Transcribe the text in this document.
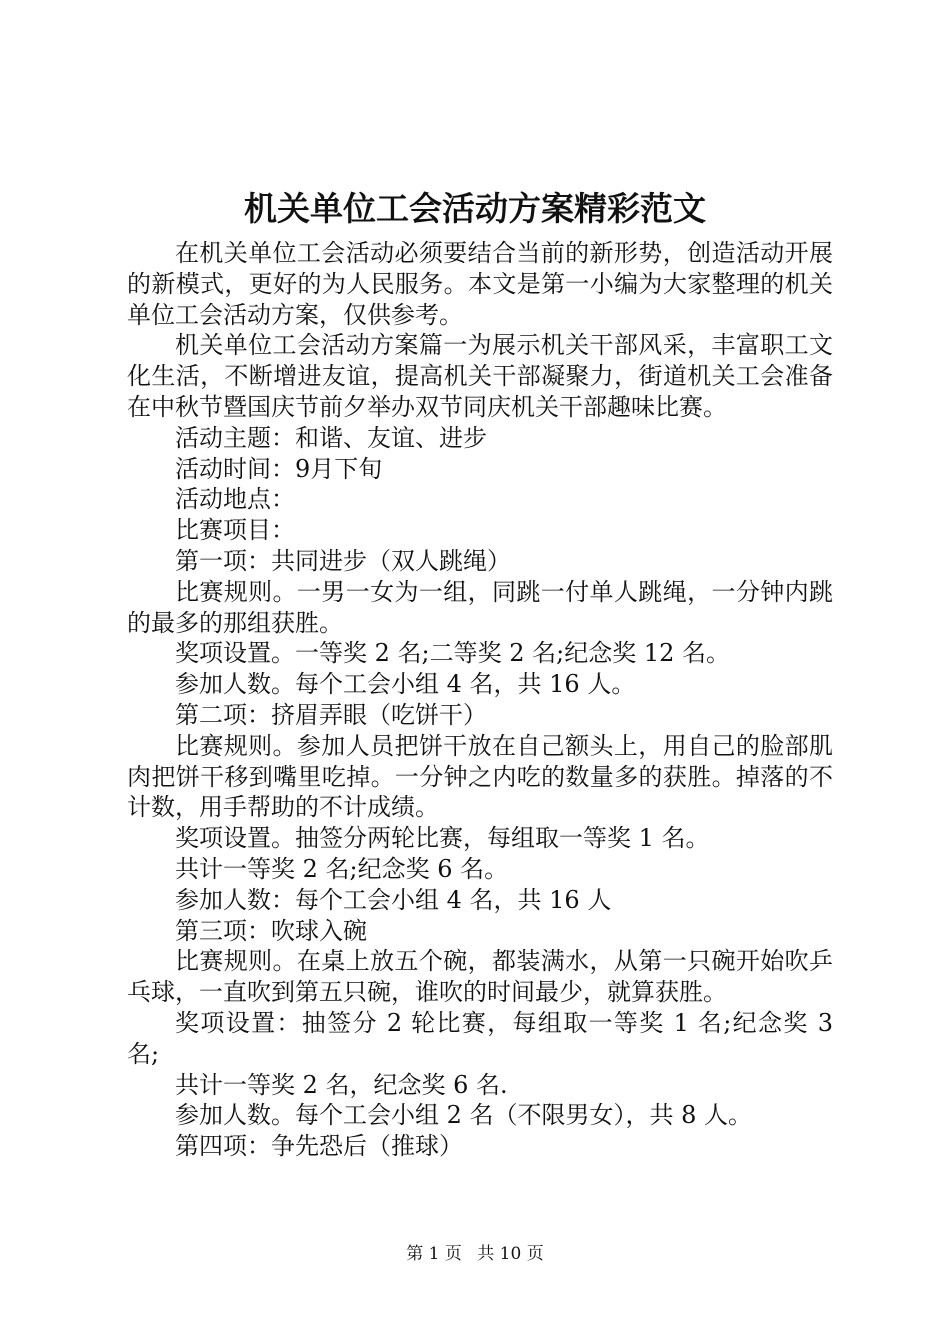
机关单位工会活动方案精彩范文

在机关单位工会活动必须要结合当前的新形势，创造活动开展的新模式，更好的为人民服务。本文是第一小编为大家整理的机关单位工会活动方案，仅供参考。

机关单位工会活动方案篇一为展示机关干部风采，丰富职工文化生活，不断增进友谊，提高机关干部凝聚力，街道机关工会准备在中秋节暨国庆节前夕举办双节同庆机关干部趣味比赛。

活动主题：和谐、友谊、进步

活动时间：9月下旬

活动地点：

比赛项目：

第一项：共同进步（双人跳绳）

比赛规则。一男一女为一组，同跳一付单人跳绳，一分钟内跳的最多的那组获胜。

奖项设置。一等奖 2 名;二等奖 2 名;纪念奖 12 名。

参加人数。每个工会小组 4 名，共 16 人。

第二项：挤眉弄眼（吃饼干）

比赛规则。参加人员把饼干放在自己额头上，用自己的脸部肌肉把饼干移到嘴里吃掉。一分钟之内吃的数量多的获胜。掉落的不计数，用手帮助的不计成绩。

奖项设置。抽签分两轮比赛，每组取一等奖 1 名。

共计一等奖 2 名;纪念奖 6 名。

参加人数：每个工会小组 4 名，共 16 人

第三项：吹球入碗

比赛规则。在桌上放五个碗，都装满水，从第一只碗开始吹乒乓球，一直吹到第五只碗，谁吹的时间最少，就算获胜。

奖项设置：抽签分 2 轮比赛，每组取一等奖 1 名;纪念奖 3 名;

共计一等奖 2 名，纪念奖 6 名.

参加人数。每个工会小组 2 名（不限男女），共 8 人。

第四项：争先恐后（推球）

第 1 页 共 10 页
